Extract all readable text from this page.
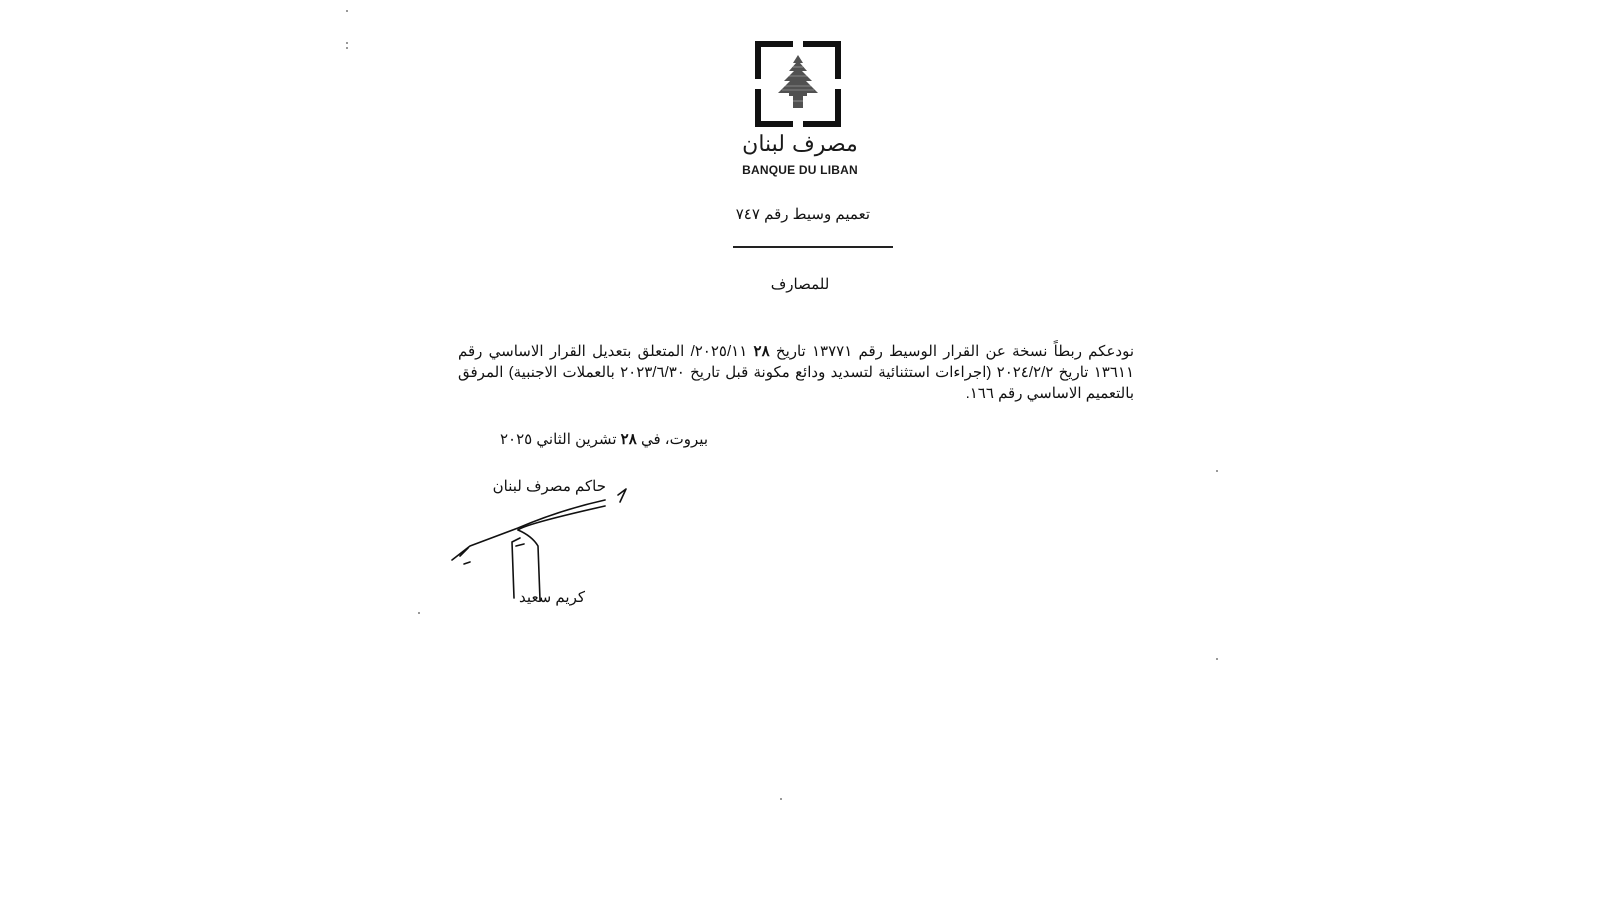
مصرف لبنان
BANQUE DU LIBAN
تعميم وسيط رقم ٧٤٧
للمصارف
نودعكم ربطاً نسخة عن القرار الوسيط رقم ١٣٧٧١ تاريخ ٢٨ ٢٠٢٥/١١/ المتعلق بتعديل القرار الاساسي رقم ١٣٦١١ تاريخ ٢٠٢٤/٢/٢ (اجراءات استثنائية لتسديد ودائع مكونة قبل تاريخ ٢٠٢٣/٦/٣٠ بالعملات الاجنبية) المرفق بالتعميم الاساسي رقم ١٦٦.
بيروت، في ٢٨ تشرين الثاني ٢٠٢٥
حاكم مصرف لبنان
كريم سعيد
